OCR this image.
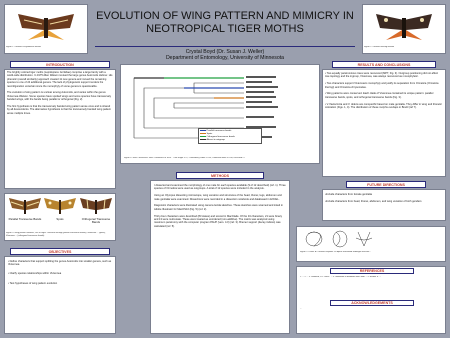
Figure 1. Ormetica chrysomelas female	Figure 2. Ormetica iheringi female
EVOLUTION OF WING PATTERN AND MIMICRY IN NEOTROPICAL TIGER MOTHS
Crystal Boyd (Dr. Susan J. Weller)
Department of Entomology, University of Minnesota
INTRODUCTION
The brightly colored tiger moths (Lepidoptera: Arctiidae) comprise a large family with a world-wide distribution. In 1975 Allen Watson revised the large genus Automolis Hubner. His phenetic (overall similarity) approach created 11 new genera and moved the remaining species to one of 24 additional genera. The lack of phylogenetic support renders his reconfiguration uncertain since the monophyly of some genera is questionable.

The evolution of wing pattern is unclear among Automolis, and varies within the genus Viviennea Watson. Some species have spotted wings and some species have transversely banded wings, with the bands being parallel or orthogonal (Fig. 2).

The first hypothesis is that the transversely banded wing pattern arose once and is shared by all descendents. The alternative hypothesis is that the transversely banded wing pattern arose multiple times.
Parallel Transverse Bands	Spots	Orthogonal Transverse Bands
Figure 3. Wing pattern variation, Left to Right: Ormetica iheringi (parallel transverse bands), Viviennea ... (spots), Viviennea ... (orthogonal transverse bands).
OBJECTIVES
• Define characters that support splitting the genus Automolis into smaller genera, such as Viviennea
• Clarify species relationships within Viviennea
• Test hypotheses of wing pattern evolution
Parallel transverse bands
Spots
Orthogonal transverse bands
Absent in outgroup
Figure 4. Strict Consensus. Strict Consensus of 1000** Tree length = 97, Consistency Index = 0.54, Retention Index = 0.80, Rescaled CI
METHODS
I dissected and examined the morphology of one male for each species available (9 of 12 described) (ref. 1). Three species of Ormetica were used as outgroups. A total of 12 species were included in the analysis.

Using an Olympus dissecting microscope, wing venation and structures of the head, thorax, legs, abdomen and male genitalia were examined. Dissections were recorded in a dissection notebook and databased in EXCEL.

Diagnostic characters were illustrated using camera lucida sketches. These sketches were scanned and inked in Adobe Illustrator for MacOS10 (Fig. 5) (ref. 2).

Thirty-four characters were described (83 states) and scored in MacClade. Of the 34 characters, 21 were binary and 13 were multi-state. These were treated as unordered (non-additive). The matrix was analyzed using maximum parsimony with the computer program PAUP (vers. 4.0) (ref. 3). Bremer support (decay indices) was calculated (ref. 5).
RESULTS AND CONCLUSIONS
• Two equally parsimonious trees were recovered (MPT, Fig. 3). Outgroup positioning did not affect tree topology and the ingroup, Viviennea, was always recovered as monophyletic.

• Two characters support Viviennea's monophyly and justify its separation from Ormetica (Ormetica iheringi) and Ormetica chrysomelas.

• Wing patterns were conserved. Each clade of Viviennea contained its unique pattern: parallel transverse bands, spots, and orthogonal transverse bands (Fig. 3).

• V. flaviscincta and V. dolens are conspecific based on male genitalia. They differ in wing and thoracic coloration (Figs. 1, 4). The distribution of these morphs overlaps in Brazil (ref 7).
FUTURE DIRECTIONS
•Include characters from female genitalia
•Include characters from head, thorax, abdomen, and wing venation of both genders
Figure 5. Plates. A. Ormetica sapatrix. B. Apical sclerotized aedeagal structure...
REFERENCES
1. ... 2. ... 3. Swofford, D.L. PAUP* ... 4. Maddison & Maddison MacClade ... 5. Bremer K. ...
ACKNOWLEDGEMENTS
...
